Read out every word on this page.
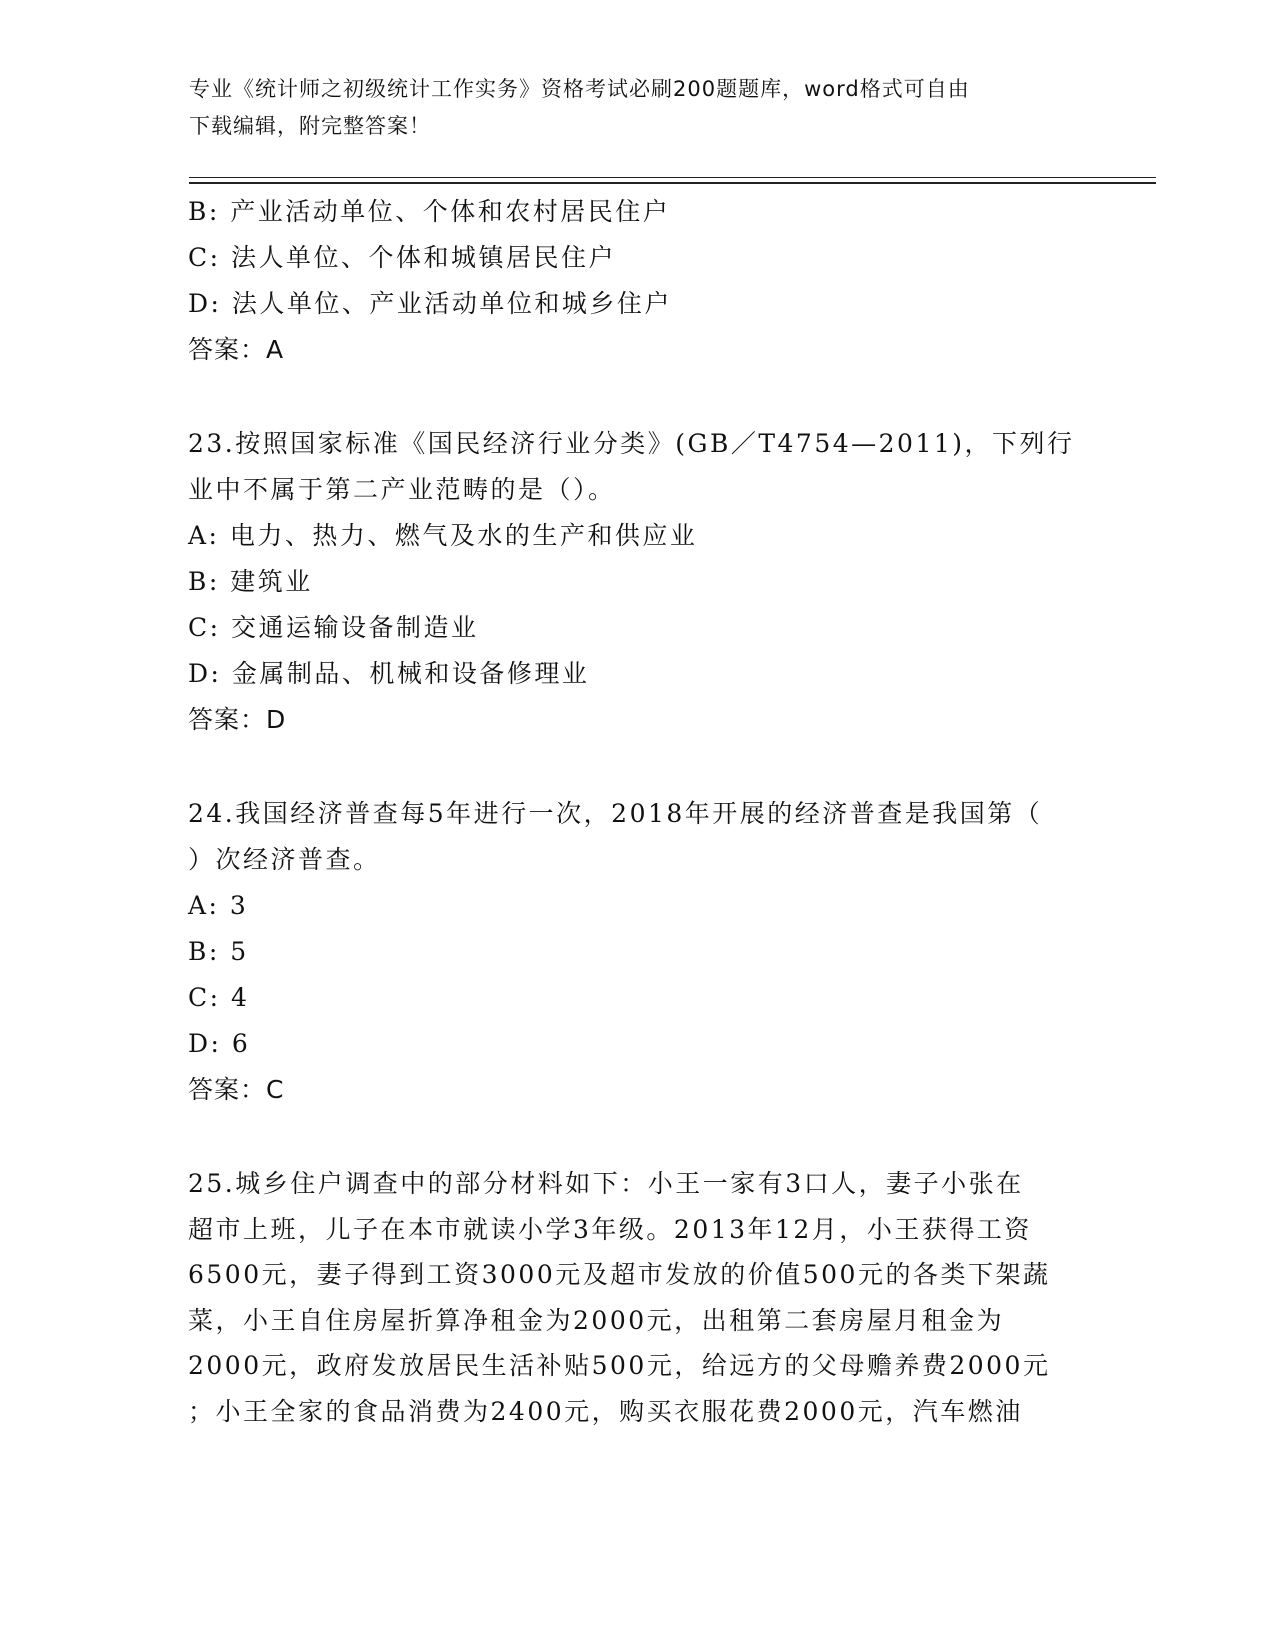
专业《统计师之初级统计工作实务》资格考试必刷200题题库，word格式可自由
下载编辑，附完整答案！
B: 产业活动单位、个体和农村居民住户
C: 法人单位、个体和城镇居民住户
D: 法人单位、产业活动单位和城乡住户
答案：A
23.按照国家标准《国民经济行业分类》(GB／T4754—2011)，下列行
业中不属于第二产业范畴的是（）。
A: 电力、热力、燃气及水的生产和供应业
B: 建筑业
C: 交通运输设备制造业
D: 金属制品、机械和设备修理业
答案：D
24.我国经济普查每5年进行一次，2018年开展的经济普查是我国第（
）次经济普查。
A: 3
B: 5
C: 4
D: 6
答案：C
25.城乡住户调查中的部分材料如下：小王一家有3口人，妻子小张在
超市上班，儿子在本市就读小学3年级。2013年12月，小王获得工资
6500元，妻子得到工资3000元及超市发放的价值500元的各类下架蔬
菜，小王自住房屋折算净租金为2000元，出租第二套房屋月租金为
2000元，政府发放居民生活补贴500元，给远方的父母赡养费2000元
；小王全家的食品消费为2400元，购买衣服花费2000元，汽车燃油
